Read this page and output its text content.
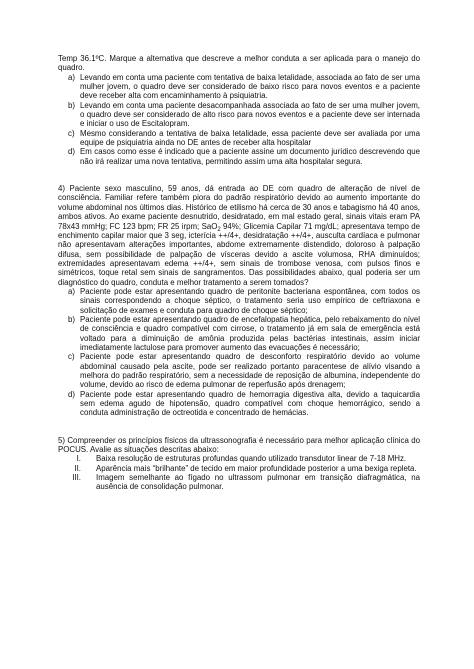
Temp 36.1ºC. Marque a alternativa que descreve a melhor conduta a ser aplicada para o manejo do quadro.

a) Levando em conta uma paciente com tentativa de baixa letalidade, associada ao fato de ser uma mulher jovem, o quadro deve ser considerado de baixo risco para novos eventos e a paciente deve receber alta com encaminhamento à psiquiatria.
b) Levando em conta uma paciente desacompanhada associada ao fato de ser uma mulher jovem, o quadro deve ser considerado de alto risco para novos eventos e a paciente deve ser internada e iniciar o uso de Escitalopram.
c) Mesmo considerando a tentativa de baixa letalidade, essa paciente deve ser avaliada por uma equipe de psiquiatria ainda no DE antes de receber alta hospitalar
d) Em casos como esse é indicado que a paciente assine um documento jurídico descrevendo que não irá realizar uma nova tentativa, permitindo assim uma alta hospitalar segura.

4) Paciente sexo masculino, 59 anos, dá entrada ao DE com quadro de alteração de nível de consciência. Familiar refere também piora do padrão respiratório devido ao aumento importante do volume abdominal nos últimos dias. Histórico de etilismo há cerca de 30 anos e tabagismo há 40 anos, ambos ativos. Ao exame paciente desnutrido, desidratado, em mal estado geral, sinais vitais eram PA 78x43 mmHg; FC 123 bpm; FR 25 irpm; SaO$_2$ 94%; Glicemia Capilar 71 mg/dL; apresentava tempo de enchimento capilar maior que 3 seg, icterícia ++/4+, desidratação ++/4+, ausculta cardíaca e pulmonar não apresentavam alterações importantes, abdome extremamente distendido, doloroso à palpação difusa, sem possibilidade de palpação de vísceras devido a ascite volumosa, RHA diminuídos; extremidades apresentavam edema ++/4+, sem sinais de trombose venosa, com pulsos finos e simétricos, toque retal sem sinais de sangramentos. Das possibilidades abaixo, qual poderia ser um diagnóstico do quadro, conduta e melhor tratamento a serem tomados?

a) Paciente pode estar apresentando quadro de peritonite bacteriana espontânea, com todos os sinais correspondendo a choque séptico, o tratamento seria uso empírico de ceftriaxona e solicitação de exames e conduta para quadro de choque séptico;
b) Paciente pode estar apresentando quadro de encefalopatia hepática, pelo rebaixamento do nível de consciência e quadro compatível com cirrose, o tratamento já em sala de emergência está voltado para a diminuição de amônia produzida pelas bactérias intestinais, assim iniciar imediatamente lactulose para promover aumento das evacuações é necessário;
c) Paciente pode estar apresentando quadro de desconforto respiratório devido ao volume abdominal causado pela ascite, pode ser realizado portanto paracentese de alívio visando a melhora do padrão respiratório, sem a necessidade de reposição de albumina, independente do volume, devido ao risco de edema pulmonar de reperfusão após drenagem;
d) Paciente pode estar apresentando quadro de hemorragia digestiva alta, devido a taquicardia sem edema agudo de hipotensão, quadro compatível com choque hemorrágico, sendo a conduta administração de octreotida e concentrado de hemácias.

5) Compreender os princípios físicos da ultrassonografia é necessário para melhor aplicação clínica do POCUS. Avalie as situações descritas abaixo:

I.	Baixa resolução de estruturas profundas quando utilizado transdutor linear de 7-18 MHz.
II.	Aparência mais “brilhante” de tecido em maior profundidade posterior a uma bexiga repleta.
III.	Imagem semelhante ao fígado no ultrassom pulmonar em transição diafragmática, na ausência de consolidação pulmonar.
